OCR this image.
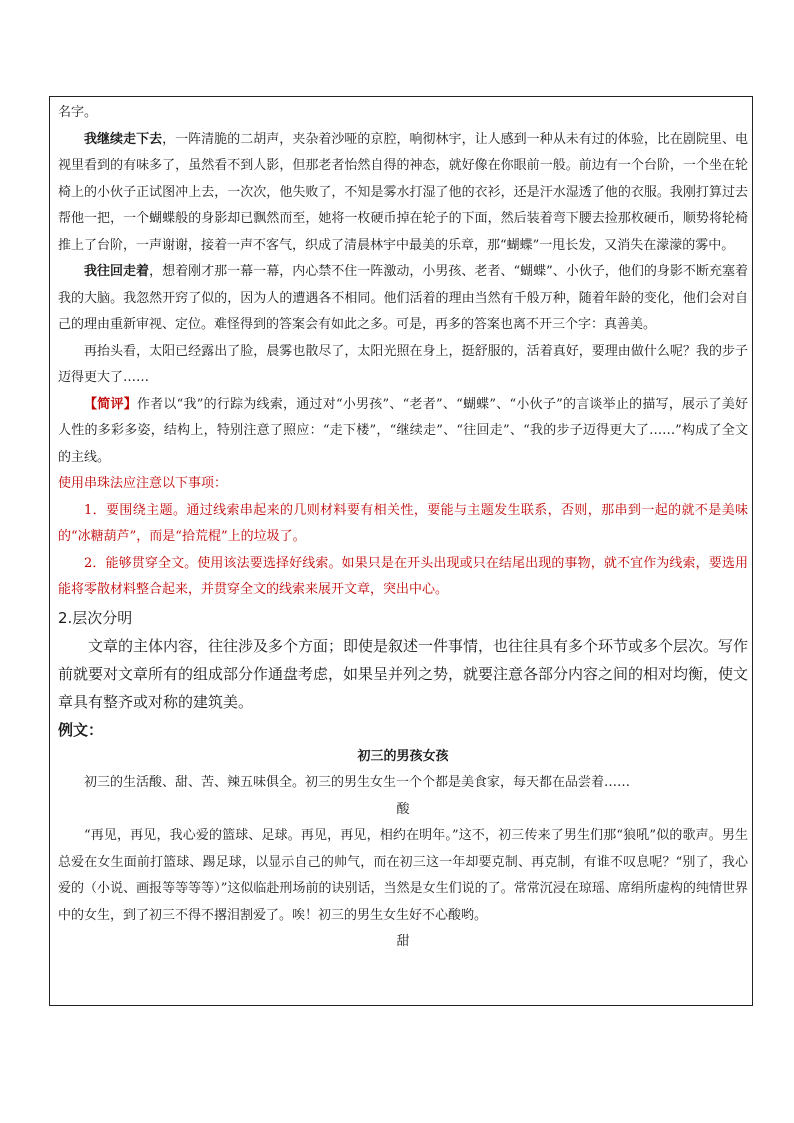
名字。

我继续走下去，一阵清脆的二胡声，夹杂着沙哑的京腔，响彻林宇，让人感到一种从未有过的体验，比在剧院里、电视里看到的有味多了，虽然看不到人影，但那老者怡然自得的神态，就好像在你眼前一般。前边有一个台阶，一个坐在轮椅上的小伙子正试图冲上去，一次次，他失败了，不知是雾水打湿了他的衣衫，还是汗水湿透了他的衣服。我刚打算过去帮他一把，一个蝴蝶般的身影却已飘然而至，她将一枚硬币掉在轮子的下面，然后装着弯下腰去捡那枚硬币，顺势将轮椅推上了台阶，一声谢谢，接着一声不客气，织成了清晨林宇中最美的乐章，那“蝴蝶”一甩长发，又消失在濛濛的雾中。

我往回走着，想着刚才那一幕一幕，内心禁不住一阵激动，小男孩、老者、“蝴蝶”、小伙子，他们的身影不断充塞着我的大脑。我忽然开窍了似的，因为人的遭遇各不相同。他们活着的理由当然有千般万种，随着年龄的变化，他们会对自己的理由重新审视、定位。难怪得到的答案会有如此之多。可是，再多的答案也离不开三个字：真善美。

再抬头看，太阳已经露出了脸，晨雾也散尽了，太阳光照在身上，挺舒服的，活着真好，要理由做什么呢？我的步子迈得更大了……

【简评】作者以“我”的行踪为线索，通过对“小男孩”、“老者”、“蝴蝶”、“小伙子”的言谈举止的描写，展示了美好人性的多彩多姿，结构上，特别注意了照应：“走下楼”，“继续走”、“往回走”、“我的步子迈得更大了……”构成了全文的主线。

使用串珠法应注意以下事项：

1．要围绕主题。通过线索串起来的几则材料要有相关性，要能与主题发生联系，否则，那串到一起的就不是美味的“冰糖葫芦”，而是“拾荒棍”上的垃圾了。

2．能够贯穿全文。使用该法要选择好线索。如果只是在开头出现或只在结尾出现的事物，就不宜作为线索，要选用能将零散材料整合起来，并贯穿全文的线索来展开文章，突出中心。

2.层次分明

文章的主体内容，往往涉及多个方面；即使是叙述一件事情，也往往具有多个环节或多个层次。写作前就要对文章所有的组成部分作通盘考虑，如果呈并列之势，就要注意各部分内容之间的相对均衡，使文章具有整齐或对称的建筑美。

例文：

初三的男孩女孩

初三的生活酸、甜、苦、辣五味俱全。初三的男生女生一个个都是美食家，每天都在品尝着……

酸

“再见，再见，我心爱的篮球、足球。再见，再见，相约在明年。”这不，初三传来了男生们那“狼吼”似的歌声。男生总爱在女生面前打篮球、踢足球，以显示自己的帅气，而在初三这一年却要克制、再克制，有谁不叹息呢？“别了，我心爱的（小说、画报等等等等）”这似临赴刑场前的诀别话，当然是女生们说的了。常常沉浸在琼瑶、席绢所虚构的纯情世界中的女生，到了初三不得不撂泪割爱了。唉！初三的男生女生好不心酸哟。

甜
